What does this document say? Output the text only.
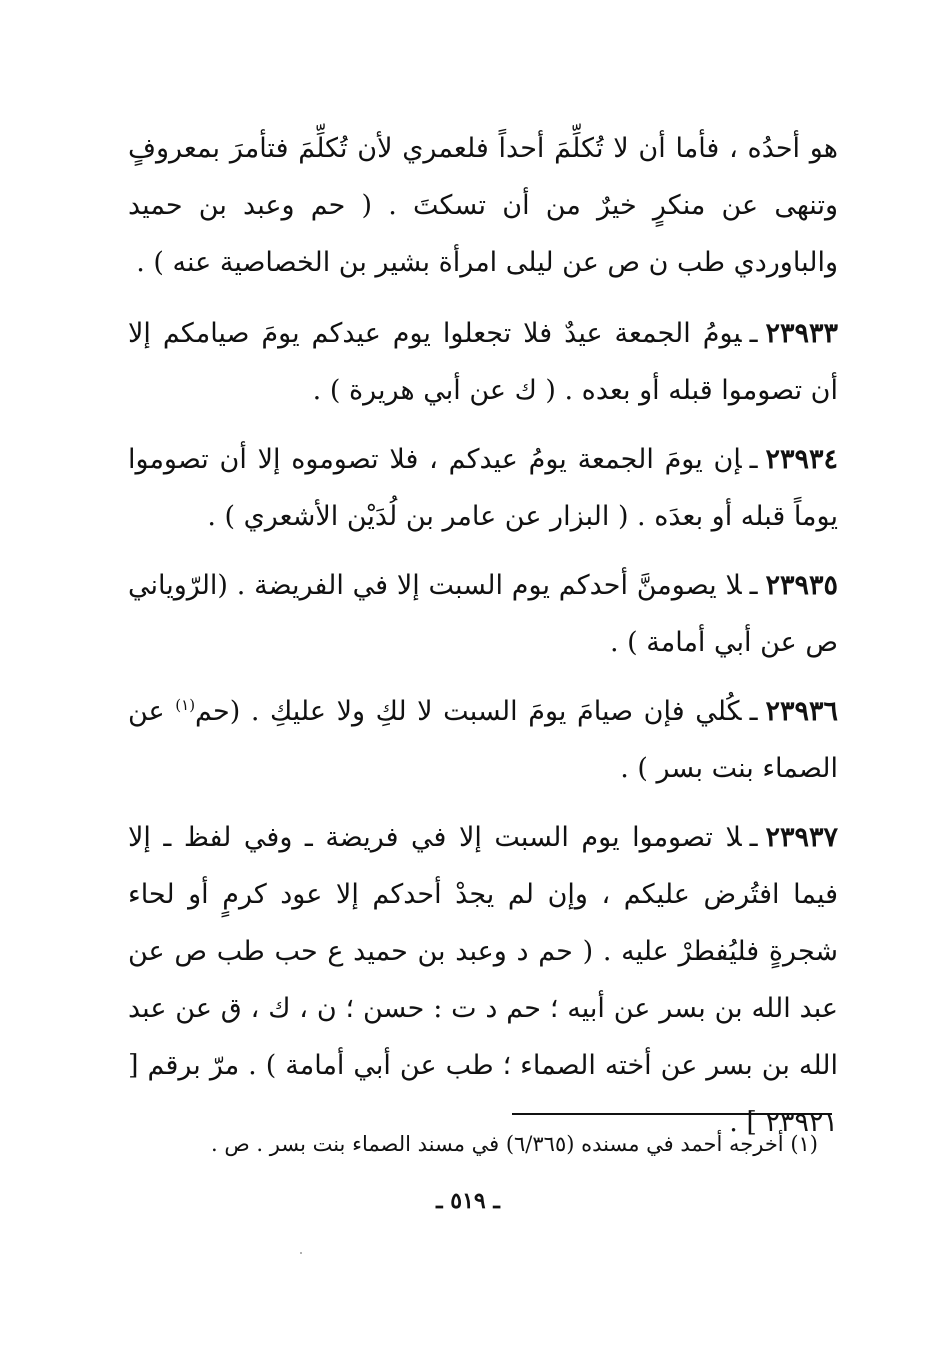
هو أحدُه ، فأما أن لا تُكلِّمَ أحداً فلعمري لأن تُكلِّمَ فتأمرَ بمعروفٍ وتنهى عن منكرٍ خيرٌ من أن تسكتَ . ( حم وعبد بن حميد والباوردي طب ن ص عن ليلى امرأة بشير بن الخصاصية عنه ) .

٢٣٩٣٣ـيومُ الجمعة عيدٌ فلا تجعلوا يوم عيدكم يومَ صيامكم إلا أن تصوموا قبله أو بعده . ( ك عن أبي هريرة ) .

٢٣٩٣٤ـإن يومَ الجمعة يومُ عيدكم ، فلا تصوموه إلا أن تصوموا يوماً قبله أو بعدَه . ( البزار عن عامر بن لُدَيْن الأشعري ) .

٢٣٩٣٥ـلا يصومنَّ أحدكم يوم السبت إلا في الفريضة . (الرّوياني ص عن أبي أمامة ) .

٢٣٩٣٦ـكُلي فإن صيامَ يومَ السبت لا لكِ ولا عليكِ . (حم$^{(١)}$ عن الصماء بنت بسر ) .

٢٣٩٣٧ـلا تصوموا يوم السبت إلا في فريضة ـ وفي لفظ ـ إلا فيما افتُرض عليكم ، وإن لم يجدْ أحدكم إلا عود كرمٍ أو لحاء شجرةٍ فليُفطرْ عليه . ( حم د وعبد بن حميد ع حب طب ص عن عبد الله بن بسر عن أبيه ؛ حم د ت : حسن ؛ ن ، ك ، ق عن عبد الله بن بسر عن أخته الصماء ؛ طب عن أبي أمامة ) . مرّ برقم [ ٢٣٩٢١ ] .

(١) أخرجه أحمد في مسنده (٦/٣٦٥) في مسند الصماء بنت بسر . ص .
ـ ٥١٩ ـ
